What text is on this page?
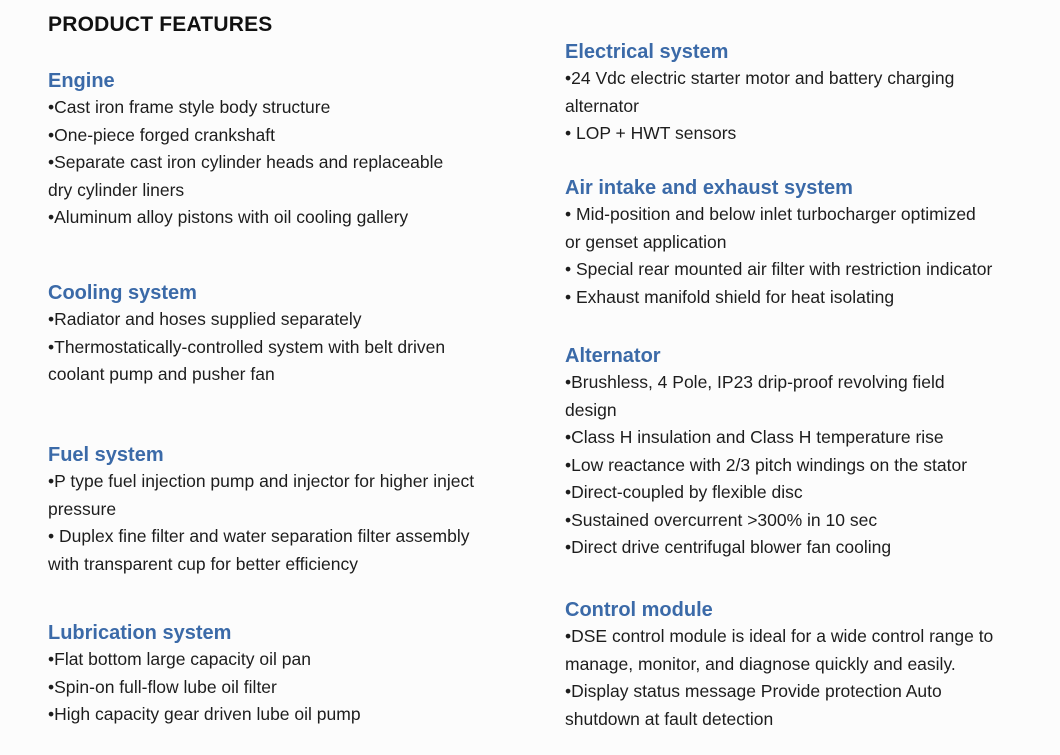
PRODUCT FEATURES
Engine
•Cast iron frame style body structure
•One-piece forged crankshaft
•Separate cast iron cylinder heads and replaceable
dry cylinder liners
•Aluminum alloy pistons with oil cooling gallery
Cooling system
•Radiator and hoses supplied separately
•Thermostatically-controlled system with belt driven
coolant pump and pusher fan
Fuel system
•P type fuel injection pump and injector for higher inject
pressure
• Duplex fine filter and water separation filter assembly
with transparent cup for better efficiency
Lubrication system
•Flat bottom large capacity oil pan
•Spin-on full-flow lube oil filter
•High capacity gear driven lube oil pump
Electrical system
•24 Vdc electric starter motor and battery charging
alternator
• LOP + HWT sensors
Air intake and exhaust system
• Mid-position and below inlet turbocharger optimized
or genset application
• Special rear mounted air filter with restriction indicator
• Exhaust manifold shield for heat isolating
Alternator
•Brushless, 4 Pole, IP23 drip-proof revolving field
design
•Class H insulation and Class H temperature rise
•Low reactance with 2/3 pitch windings on the stator
•Direct-coupled by flexible disc
•Sustained overcurrent >300% in 10 sec
•Direct drive centrifugal blower fan cooling
Control module
•DSE control module is ideal for a wide control range to
manage, monitor, and diagnose quickly and easily.
•Display status message Provide protection Auto
shutdown at fault detection
